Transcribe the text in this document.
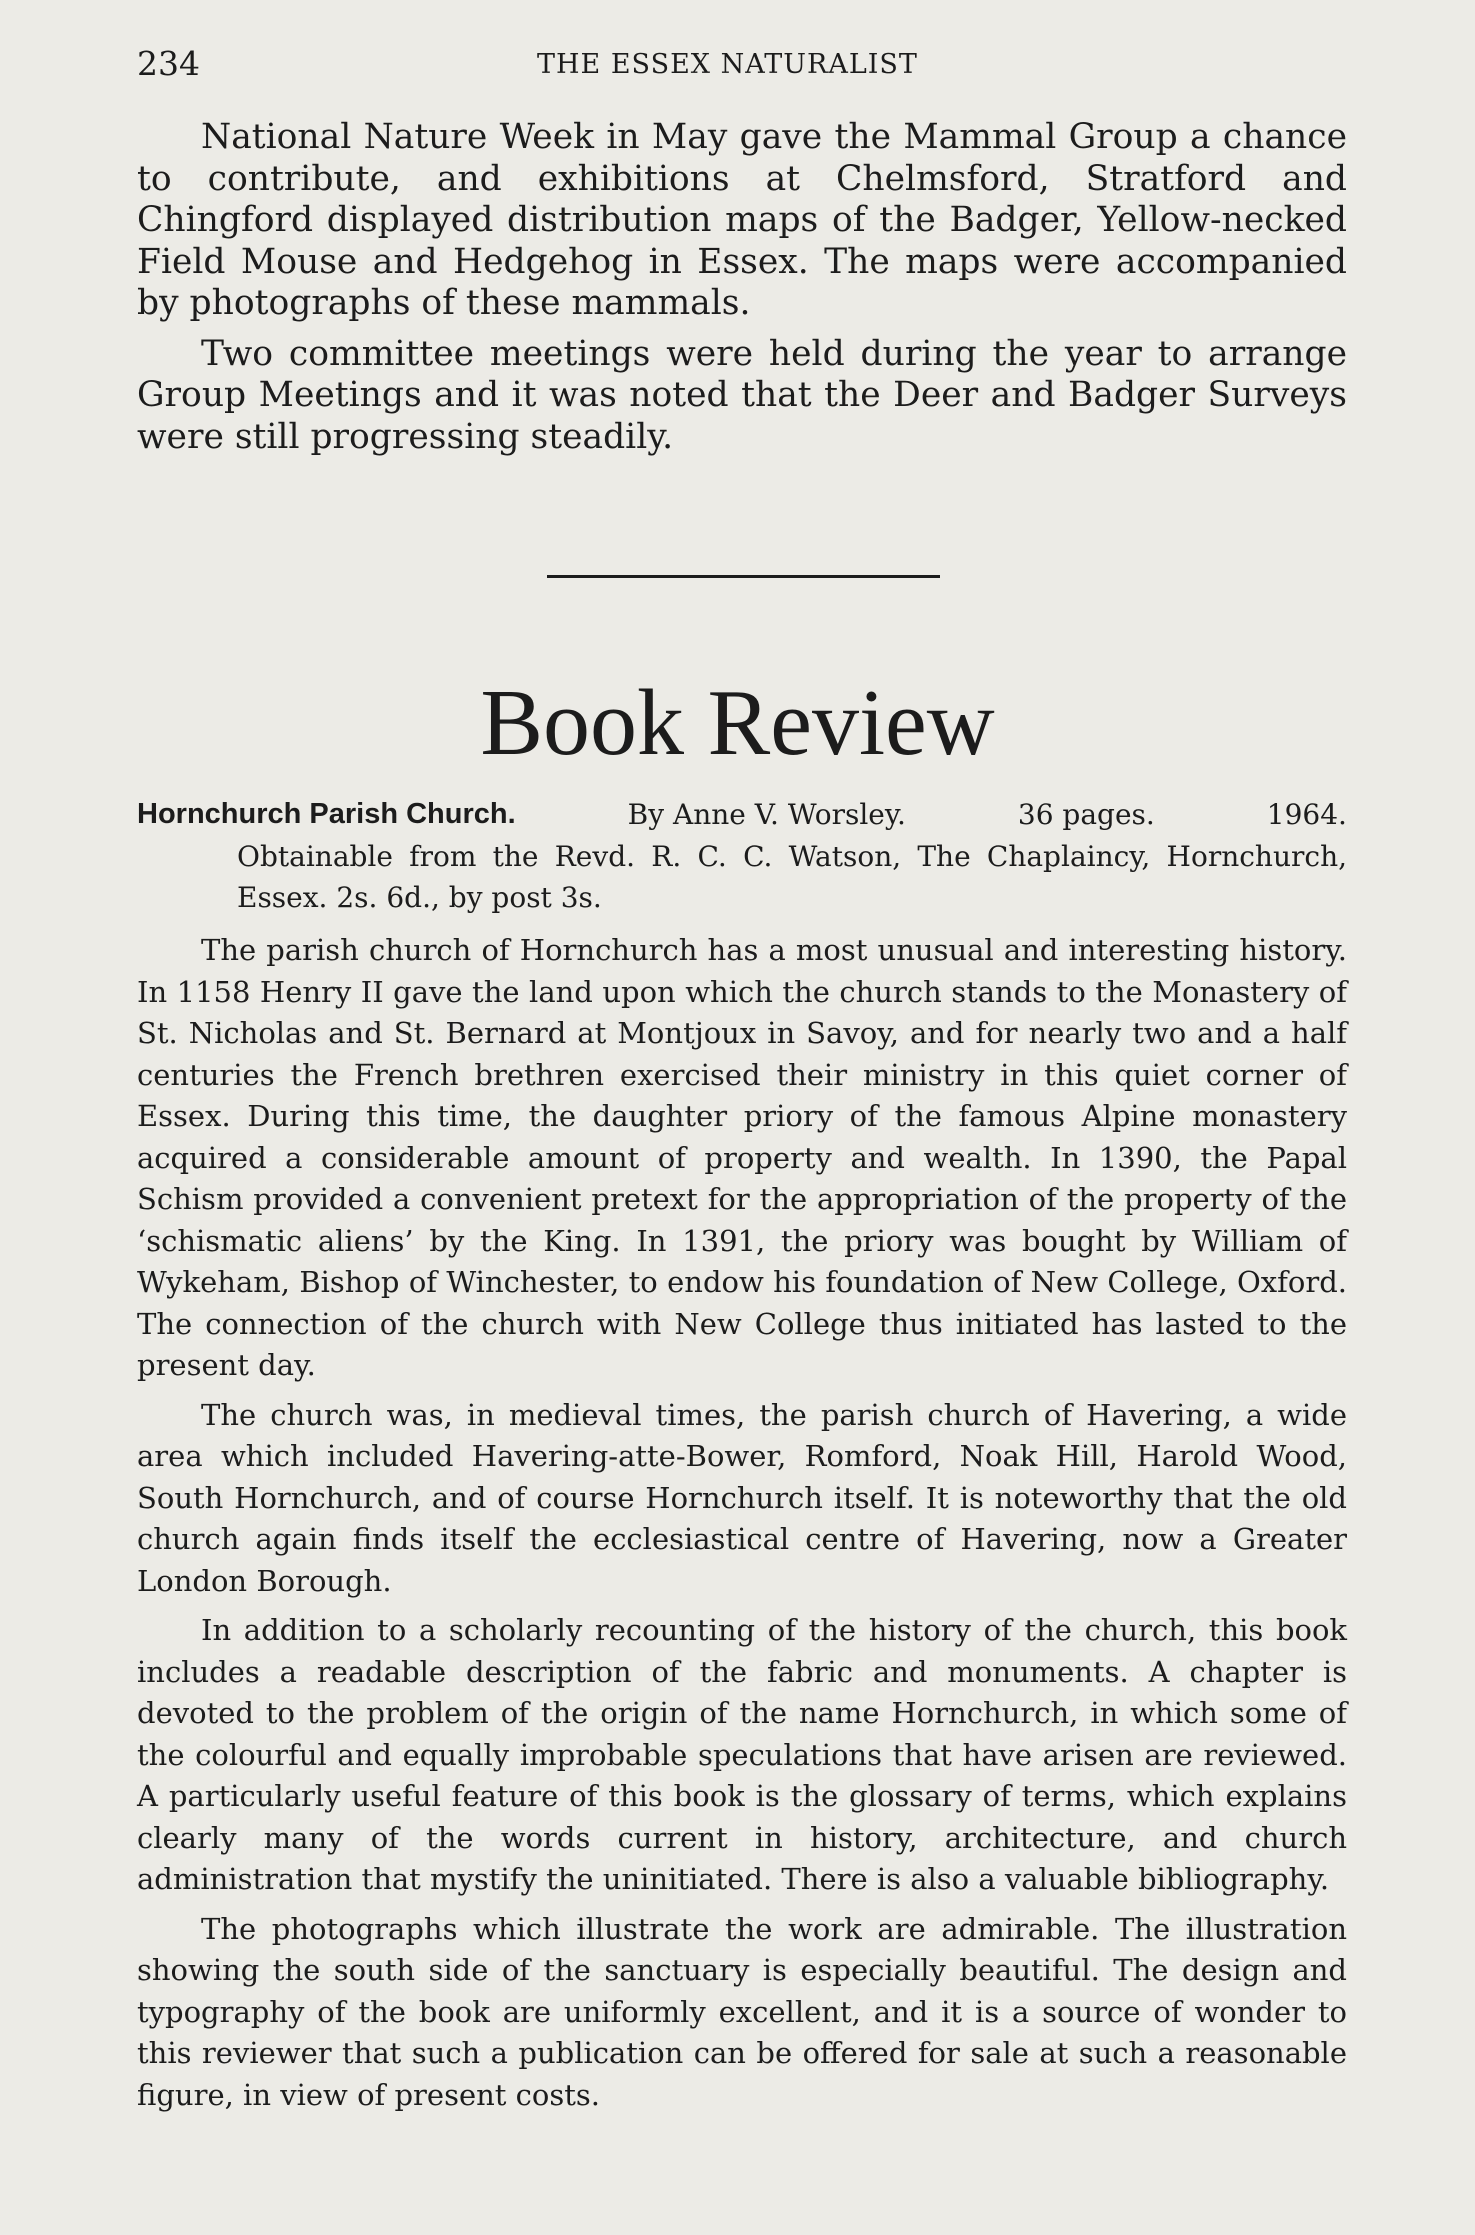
234	THE ESSEX NATURALIST

National Nature Week in May gave the Mammal Group a chance to contribute, and exhibitions at Chelmsford, Stratford and Chingford displayed distribution maps of the Badger, Yellow-necked Field Mouse and Hedgehog in Essex. The maps were accompanied by photographs of these mammals.

Two committee meetings were held during the year to arrange Group Meetings and it was noted that the Deer and Badger Surveys were still progressing steadily.

Book Review
Hornchurch Parish Church.	By Anne V. Worsley.	36 pages.	1964.
Obtainable from the Revd. R. C. C. Watson, The Chaplaincy, Hornchurch, Essex. 2s. 6d., by post 3s.

The parish church of Hornchurch has a most unusual and interesting history. In 1158 Henry II gave the land upon which the church stands to the Monastery of St. Nicholas and St. Bernard at Montjoux in Savoy, and for nearly two and a half centuries the French brethren exercised their ministry in this quiet corner of Essex. During this time, the daughter priory of the famous Alpine monastery acquired a considerable amount of property and wealth. In 1390, the Papal Schism provided a convenient pretext for the appropriation of the property of the ‘schismatic aliens’ by the King. In 1391, the priory was bought by William of Wykeham, Bishop of Winchester, to endow his foundation of New College, Oxford. The connection of the church with New College thus initiated has lasted to the present day.

The church was, in medieval times, the parish church of Havering, a wide area which included Havering-atte-Bower, Romford, Noak Hill, Harold Wood, South Hornchurch, and of course Hornchurch itself. It is noteworthy that the old church again finds itself the ecclesiastical centre of Havering, now a Greater London Borough.

In addition to a scholarly recounting of the history of the church, this book includes a readable description of the fabric and monuments. A chapter is devoted to the problem of the origin of the name Hornchurch, in which some of the colourful and equally improbable speculations that have arisen are reviewed. A particularly useful feature of this book is the glossary of terms, which explains clearly many of the words current in history, architecture, and church administration that mystify the uninitiated. There is also a valuable bibliography.

The photographs which illustrate the work are admirable. The illustration showing the south side of the sanctuary is especially beautiful. The design and typography of the book are uniformly excellent, and it is a source of wonder to this reviewer that such a publication can be offered for sale at such a reasonable figure, in view of present costs.
